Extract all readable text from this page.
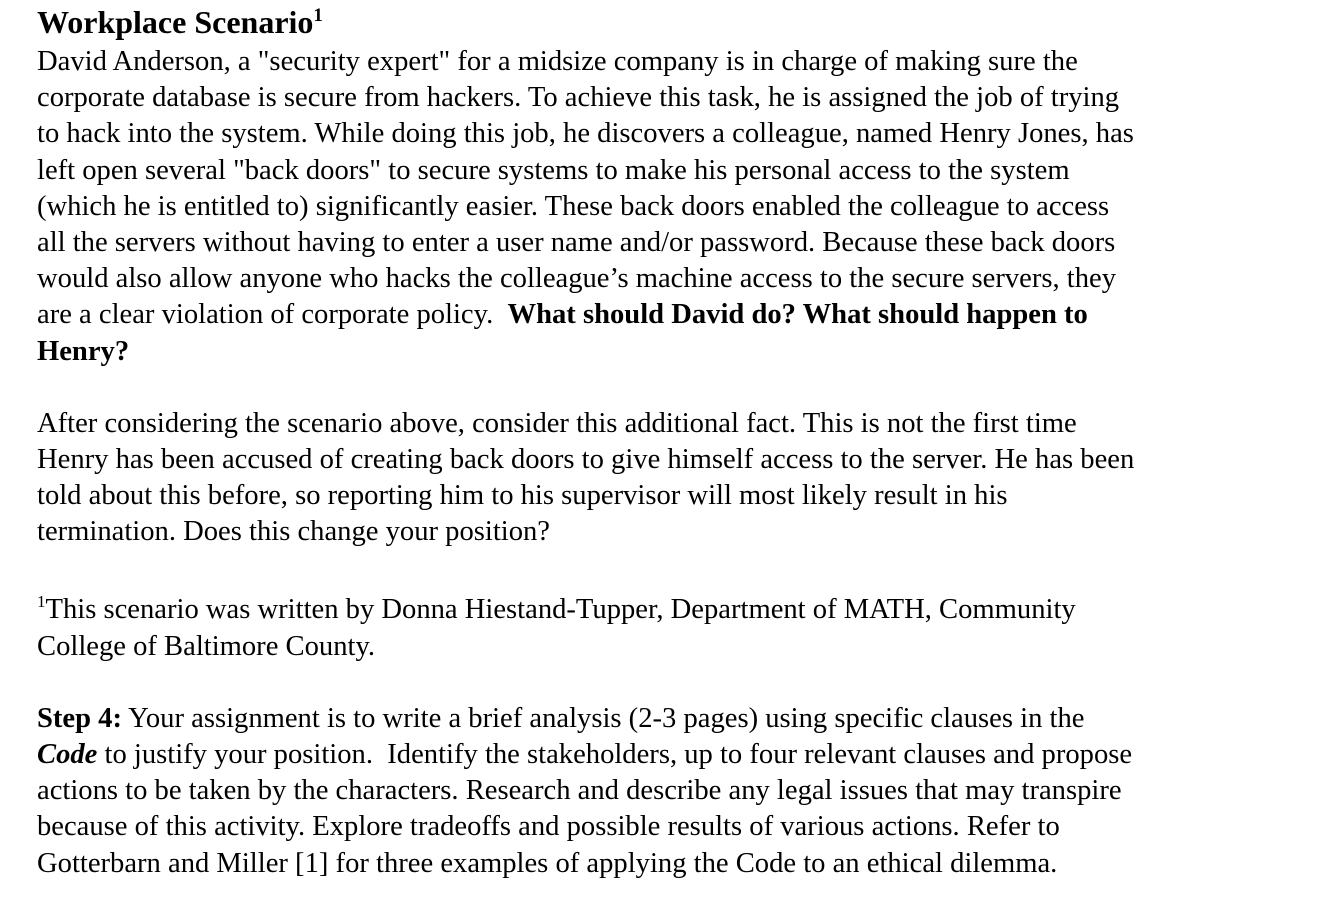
Workplace Scenario$^1$
David Anderson, a "security expert" for a midsize company is in charge of making sure the
corporate database is secure from hackers. To achieve this task, he is assigned the job of trying
to hack into the system. While doing this job, he discovers a colleague, named Henry Jones, has
left open several "back doors" to secure systems to make his personal access to the system
(which he is entitled to) significantly easier. These back doors enabled the colleague to access
all the servers without having to enter a user name and/or password. Because these back doors
would also allow anyone who hacks the colleague’s machine access to the secure servers, they
are a clear violation of corporate policy.  What should David do? What should happen to
Henry?
After considering the scenario above, consider this additional fact. This is not the first time
Henry has been accused of creating back doors to give himself access to the server. He has been
told about this before, so reporting him to his supervisor will most likely result in his
termination. Does this change your position?
$^1$This scenario was written by Donna Hiestand-Tupper, Department of MATH, Community
College of Baltimore County.
Step 4: Your assignment is to write a brief analysis (2-3 pages) using specific clauses in the
Code to justify your position.  Identify the stakeholders, up to four relevant clauses and propose
actions to be taken by the characters. Research and describe any legal issues that may transpire
because of this activity. Explore tradeoffs and possible results of various actions. Refer to
Gotterbarn and Miller [1] for three examples of applying the Code to an ethical dilemma.
